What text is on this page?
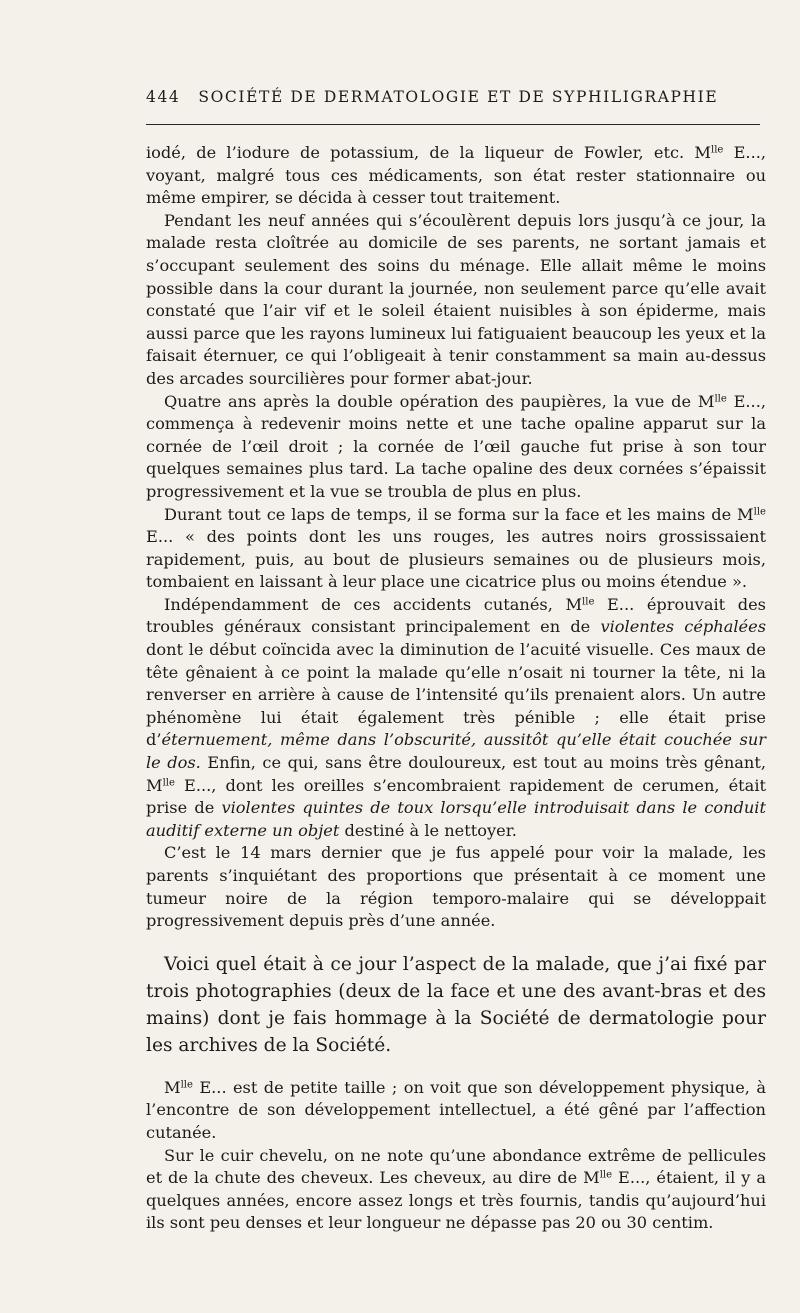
444 SOCIÉTÉ DE DERMATOLOGIE ET DE SYPHILIGRAPHIE

iodé, de l’iodure de potassium, de la liqueur de Fowler, etc. $M^{lle}$ E..., voyant, malgré tous ces médicaments, son état rester stationnaire ou même empirer, se décida à cesser tout traitement.

Pendant les neuf années qui s’écoulèrent depuis lors jusqu’à ce jour, la malade resta cloîtrée au domicile de ses parents, ne sortant jamais et s’occupant seulement des soins du ménage. Elle allait même le moins possible dans la cour durant la journée, non seulement parce qu’elle avait constaté que l’air vif et le soleil étaient nuisibles à son épiderme, mais aussi parce que les rayons lumineux lui fatiguaient beaucoup les yeux et la faisait éternuer, ce qui l’obligeait à tenir constamment sa main au-dessus des arcades sourcilières pour former abat-jour.

Quatre ans après la double opération des paupières, la vue de $M^{lle}$ E..., commença à redevenir moins nette et une tache opaline apparut sur la cornée de l’œil droit ; la cornée de l’œil gauche fut prise à son tour quelques semaines plus tard. La tache opaline des deux cornées s’épaissit progressivement et la vue se troubla de plus en plus.

Durant tout ce laps de temps, il se forma sur la face et les mains de $M^{lle}$ E... « des points dont les uns rouges, les autres noirs grossissaient rapidement, puis, au bout de plusieurs semaines ou de plusieurs mois, tombaient en laissant à leur place une cicatrice plus ou moins étendue ».

Indépendamment de ces accidents cutanés, $M^{lle}$ E... éprouvait des troubles généraux consistant principalement en de violentes céphalées dont le début coïncida avec la diminution de l’acuité visuelle. Ces maux de tête gênaient à ce point la malade qu’elle n’osait ni tourner la tête, ni la renverser en arrière à cause de l’intensité qu’ils prenaient alors. Un autre phénomène lui était également très pénible ; elle était prise d’éternuement, même dans l’obscurité, aussitôt qu’elle était couchée sur le dos. Enfin, ce qui, sans être douloureux, est tout au moins très gênant, $M^{lle}$ E..., dont les oreilles s’encombraient rapidement de cerumen, était prise de violentes quintes de toux lorsqu’elle introduisait dans le conduit auditif externe un objet destiné à le nettoyer.

C’est le 14 mars dernier que je fus appelé pour voir la malade, les parents s’inquiétant des proportions que présentait à ce moment une tumeur noire de la région temporo-malaire qui se développait progressivement depuis près d’une année.

Voici quel était à ce jour l’aspect de la malade, que j’ai fixé par trois photographies (deux de la face et une des avant-bras et des mains) dont je fais hommage à la Société de dermatologie pour les archives de la Société.

$M^{lle}$ E... est de petite taille ; on voit que son développement physique, à l’encontre de son développement intellectuel, a été gêné par l’affection cutanée.

Sur le cuir chevelu, on ne note qu’une abondance extrême de pellicules et de la chute des cheveux. Les cheveux, au dire de $M^{lle}$ E..., étaient, il y a quelques années, encore assez longs et très fournis, tandis qu’aujourd’hui ils sont peu denses et leur longueur ne dépasse pas 20 ou 30 centim.
